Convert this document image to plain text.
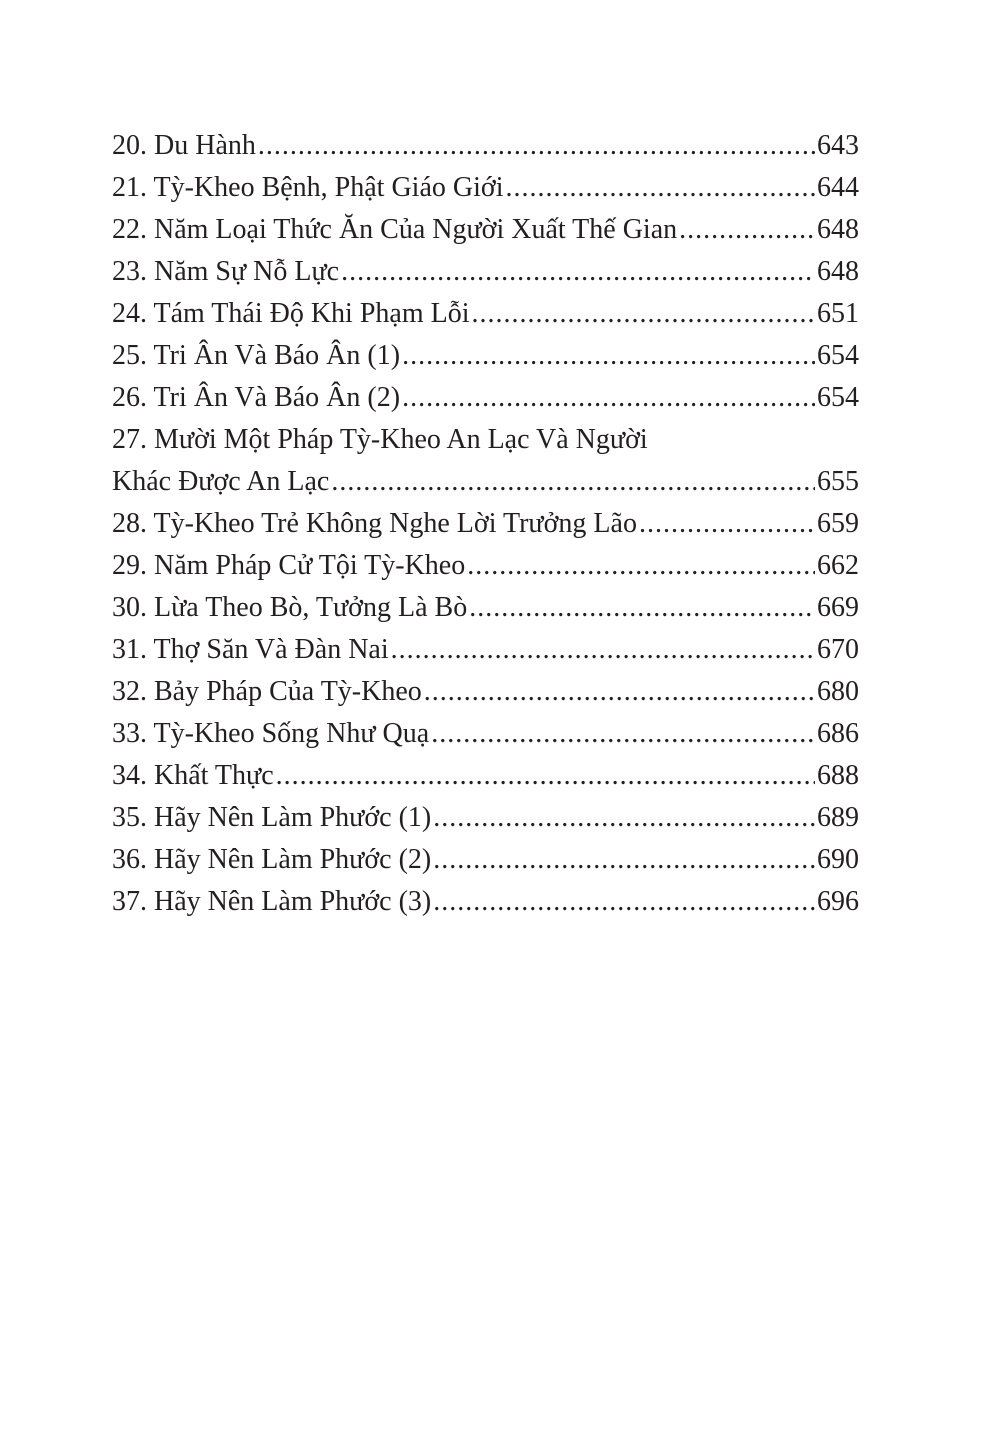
20. Du Hành .....	643
21. Tỳ-Kheo Bệnh, Phật Giáo Giới .....	644
22. Năm Loại Thức Ăn Của Người Xuất Thế Gian .....	648
23. Năm Sự Nỗ Lực .....	648
24. Tám Thái Độ Khi Phạm Lỗi .....	651
25. Tri Ân Và Báo Ân (1) .....	654
26. Tri Ân Và Báo Ân (2) .....	654
27. Mười Một Pháp Tỳ-Kheo An Lạc Và Người
Khác Được An Lạc .....	655
28. Tỳ-Kheo Trẻ Không Nghe Lời Trưởng Lão .....	659
29. Năm Pháp Cử Tội Tỳ-Kheo .....	662
30. Lừa Theo Bò, Tưởng Là Bò .....	669
31. Thợ Săn Và Đàn Nai .....	670
32. Bảy Pháp Của Tỳ-Kheo .....	680
33. Tỳ-Kheo Sống Như Quạ .....	686
34. Khất Thực .....	688
35. Hãy Nên Làm Phước (1) .....	689
36. Hãy Nên Làm Phước (2) .....	690
37. Hãy Nên Làm Phước (3) .....	696
